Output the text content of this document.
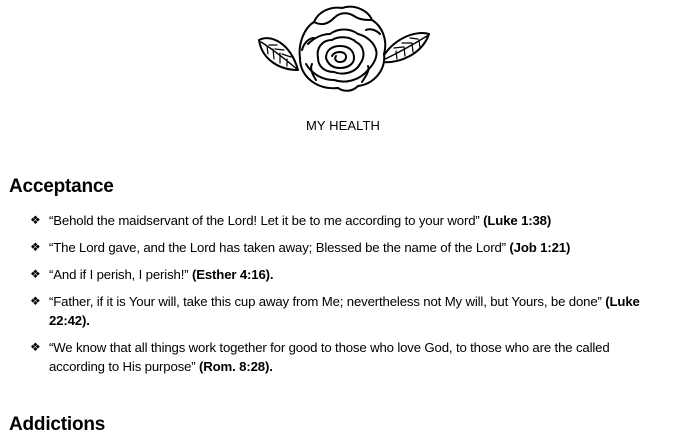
MY HEALTH
Acceptance
❖ “Behold the maidservant of the Lord! Let it be to me according to your word” (Luke 1:38)
❖ “The Lord gave, and the Lord has taken away; Blessed be the name of the Lord” (Job 1:21)
❖ “And if I perish, I perish!” (Esther 4:16).
❖ “Father, if it is Your will, take this cup away from Me; nevertheless not My will, but Yours, be done” (Luke
22:42).
❖ “We know that all things work together for good to those who love God, to those who are the called
according to His purpose” (Rom. 8:28).
Addictions
